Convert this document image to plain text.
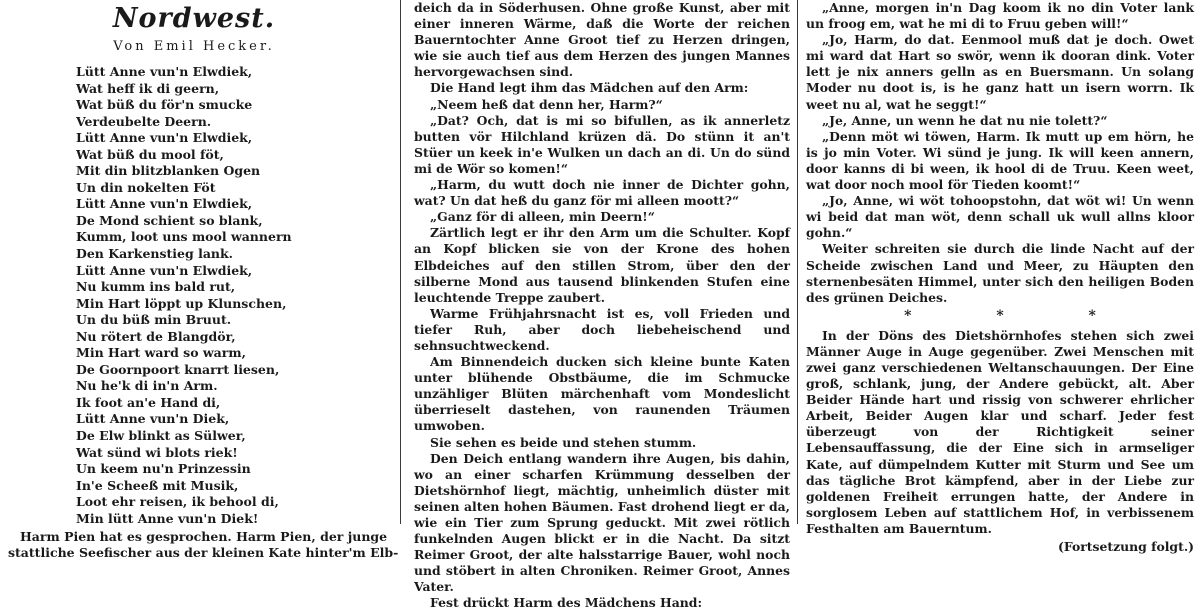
Nordwest.
Von Emil Hecker.
Lütt Anne vun'n Elwdiek,
Wat heff ik di geern,
Wat büß du för'n smucke
Verdeubelte Deern.
Lütt Anne vun'n Elwdiek,
Wat büß du mool föt,
Mit din blitzblanken Ogen
Un din nokelten Föt
Lütt Anne vun'n Elwdiek,
De Mond schient so blank,
Kumm, loot uns mool wannern
Den Karkenstieg lank.
Lütt Anne vun'n Elwdiek,
Nu kumm ins bald rut,
Min Hart löppt up Klunschen,
Un du büß min Bruut.
Nu rötert de Blangdör,
Min Hart ward so warm,
De Goornpoort knarrt liesen,
Nu he'k di in'n Arm.
Ik foot an'e Hand di,
Lütt Anne vun'n Diek,
De Elw blinkt as Sülwer,
Wat sünd wi blots riek!
Un keem nu'n Prinzessin
In'e Scheeß mit Musik,
Loot ehr reisen, ik behool di,
Min lütt Anne vun'n Diek!
Harm Pien hat es gesprochen. Harm Pien, der junge
stattliche Seefischer aus der kleinen Kate hinter'm Elb-

deich da in Söderhusen. Ohne große Kunst, aber mit einer inneren Wärme, daß die Worte der reichen Bauerntochter Anne Groot tief zu Herzen dringen, wie sie auch tief aus dem Herzen des jungen Mannes hervorgewachsen sind.

Die Hand legt ihm das Mädchen auf den Arm:

„Neem heß dat denn her, Harm?“

„Dat? Och, dat is mi so bifullen, as ik annerletz butten vör Hilchland krüzen dä. Do stünn it an't Stüer un keek in'e Wulken un dach an di. Un do sünd mi de Wör so komen!“

„Harm, du wutt doch nie inner de Dichter gohn, wat? Un dat heß du ganz för mi alleen moott?“

„Ganz för di alleen, min Deern!“

Zärtlich legt er ihr den Arm um die Schulter. Kopf an Kopf blicken sie von der Krone des hohen Elbdeiches auf den stillen Strom, über den der silberne Mond aus tausend blinkenden Stufen eine leuchtende Treppe zaubert.

Warme Frühjahrsnacht ist es, voll Frieden und tiefer Ruh, aber doch liebeheischend und sehnsuchtweckend.

Am Binnendeich ducken sich kleine bunte Katen unter blühende Obstbäume, die im Schmucke unzähliger Blüten märchenhaft vom Mondeslicht überrieselt dastehen, von raunenden Träumen umwoben.

Sie sehen es beide und stehen stumm.

Den Deich entlang wandern ihre Augen, bis dahin, wo an einer scharfen Krümmung desselben der Dietshörnhof liegt, mächtig, unheimlich düster mit seinen alten hohen Bäumen. Fast drohend liegt er da, wie ein Tier zum Sprung geduckt. Mit zwei rötlich funkelnden Augen blickt er in die Nacht. Da sitzt Reimer Groot, der alte halsstarrige Bauer, wohl noch und stöbert in alten Chroniken. Reimer Groot, Annes Vater.

Fest drückt Harm des Mädchens Hand:

„Anne, morgen in'n Dag koom ik no din Voter lank un froog em, wat he mi di to Fruu geben will!“

„Jo, Harm, do dat. Eenmool muß dat je doch. Owet mi ward dat Hart so swör, wenn ik dooran dink. Voter lett je nix anners gelln as en Buersmann. Un solang Moder nu doot is, is he ganz hatt un isern worrn. Ik weet nu al, wat he seggt!“

„Je, Anne, un wenn he dat nu nie tolett?“

„Denn möt wi töwen, Harm. Ik mutt up em hörn, he is jo min Voter. Wi sünd je jung. Ik will keen annern, door kanns di bi ween, ik hool di de Truu. Keen weet, wat door noch mool för Tieden koomt!“

„Jo, Anne, wi wöt tohoopstohn, dat wöt wi! Un wenn wi beid dat man wöt, denn schall uk wull allns kloor gohn.“

Weiter schreiten sie durch die linde Nacht auf der Scheide zwischen Land und Meer, zu Häupten den sternenbesäten Himmel, unter sich den heiligen Boden des grünen Deiches.

* * *

In der Döns des Dietshörnhofes stehen sich zwei Männer Auge in Auge gegenüber. Zwei Menschen mit zwei ganz verschiedenen Weltanschauungen. Der Eine groß, schlank, jung, der Andere gebückt, alt. Aber Beider Hände hart und rissig von schwerer ehrlicher Arbeit, Beider Augen klar und scharf. Jeder fest überzeugt von der Richtigkeit seiner Lebensauffassung, die der Eine sich in armseliger Kate, auf dümpelndem Kutter mit Sturm und See um das tägliche Brot kämpfend, aber in der Liebe zur goldenen Freiheit errungen hatte, der Andere in sorglosem Leben auf stattlichem Hof, in verbissenem Festhalten am Bauerntum.

(Fortsetzung folgt.)
